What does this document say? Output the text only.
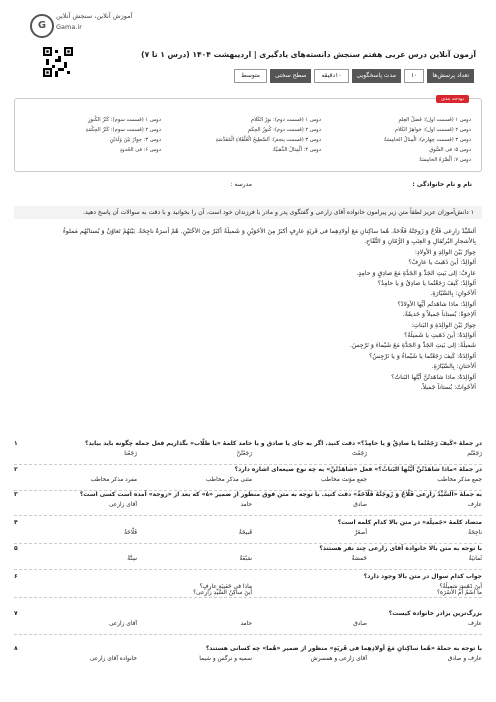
G
آموزش آنلاین، سنجش آنلاین
Gama.ir
آزمون آنلاین درس عربی هفتم سنجش دانسته‌های یادگیری | اردیبهشت ۱۴۰۴ (درس ۱ تا ۷)
تعداد پرسش‌ها
۱۰
مدت پاسخگویی
۱۰دقیقه
سطح سختی
متوسط
بودجه بندی
دوس ۱ (قسمت اول): فَضلُ العِلمِ
دوس ۲ (قسمت اول): جَواهِرُ الکَلامِ
دوس ۳ (قسمت چهارم): الْمِثالُ الخامِسَةُ
دوس ۵: فی السُّوقِ
دوس ۷: اَلْصَّرَةُ الخامِسَةُ
دوس ۱ (قسمت دوم): نورُ الکَلامِ
دوس ۲ (قسمت دوم): کُنوزُ الحِکَمِ
دوس ۳ (قسمت پنجم): اَلسَّطِیحُ الْعُلْقُلاءِ الْمُقَدَّسَةِ
دوس ۴: اَلْمِثالُ الذَّهبیَّةُ
دوس ۱ (قسمت سوم): کَنْزُ الکُنوزِ
دوس ۲ (قسمت سوم): کَنْزُ الحِکْمَةِ
دوس ۳: حِوارٌ بَیْنَ وَلَدَیْنِ
دوس ۶: فی الحُدودِ
نام و نام خانوادگی :
مدرسه :
۱ دانش‌آموزان عزیز لطفاً متن زیر پیرامون خانواده آقای زارعی و گفتگوی پدر و مادر با فرزندان خود است. آن را بخوانید و با دقت به سوالات آن پاسخ دهید.

اَلسَّیِّدُ زارِعی فَلّاحٌ وَ زَوجَتُهُ فَلّاحَةٌ. هُما ساکِنانِ مَعَ أولادِهِما فی قَریَةٍ عارِفٍ أکبَرُ مِنَ الأخَوَیْنِ وَ شَمیلَةُ أکبَرُ مِنَ الأُخْتَیْنِ. هُمْ أُسرَةٌ ناجِحَةٌ. بَیْنَهُمْ تَعاوُنٌ وَ بُستانُهُم مَملوءٌ

بِالأشجارِ البُرتُقالِ وَ العِنَبِ وَ الرُّمّانِ وَ التُّفّاحِ.

حِوارٌ بَیْنَ الوالِدِ وَ الأولادِ:

اَلوالِدُ: أینَ ذَهَبتَ یا عارِفُ؟

عارِفٌ: إلی بَیتِ الجَدِّ وَ الجَدَّةِ مَعَ صادِقٍ وَ حامِدٍ.

اَلوالِدُ: کَیفَ رَجَعْتُما یا صادِقُ وَ یا حامِدُ؟

اَلأخَوانِ: بِالسَّیّارَةِ.

اَلوالِدُ: ماذا شاهَدتُم أیُّها الأولادُ؟

اَلإخوَةُ: بُستاناً جَمیلاً وَ حَدیقَةً.

حِوارٌ بَیْنَ الوالِدَةِ وَ البَناتِ:

اَلوالِدَةُ: أینَ ذَهَبتِ یا شَمیلَةُ؟

شَمیلَةُ: إلی بَیتِ الجَدِّ وَ الجَدَّةِ مَعَ شَیْماءَ وَ نَرْجِسَ.

اَلوالِدَةُ: کَیفَ رَجَعْتُما یا شَیْماءُ وَ یا نَرْجِسُ؟

اَلأُختانِ: بِالسَّیّارَةِ.

اَلوالِدَةُ: ماذا شاهَدتُنَّ أیَّتُها البَناتُ؟

اَلأَخَواتُ: بُستاناً جَمیلاً.

در جملهٔ «کَیفَ رَجَعْتُما یا صادِقُ وَ یا حامِدُ؟» دقت کنید. اگر به جای یا صادق و یا حامد کلمهٔ «یا طلّاب» بگذاریم فعل جمله چگونه باید بیاید؟
۱
رَجَعْتُم
رَجَعْتَ
رَجَعْتُنَّ
رَجَعْنا
در جملهٔ «ماذا شاهَدْتُنَّ أیَّتُها البَناتُ؟» فعل «شاهَدْتُنَّ» به چه نوع صیغه‌ای اشاره دارد؟
۲
جمع مذکر مخاطب
جمع مؤنث مخاطب
مثنی مذکر مخاطب
مفرد مذکر مخاطب
به جملهٔ «اَلسَّیِّدُ زارِعی فَلّاحٌ وَ زَوجَتُهُ فَلّاحَةٌ» دقت کنید. با توجه به متن فوق منظور از ضمیر «هُ» که بعد از «زوجة» آمده است کسی است؟
۳
عارف
صادق
حامد
آقای زارعی
متضاد کلمهٔ «جَمیلَة» در متن بالا کدام کلمه است؟
۴
ناجِحَةٌ
أصغَرُ
قَبیحَةٌ
فَلّاحَةٌ
با توجه به متن بالا خانواده آقای زارعی چند نفر هستند؟
۵
ثَمانیَةٌ
خَمسَةٌ
سَبْعَةٌ
سِتَّةٌ
جواب کدام سوال در متن بالا وجود دارد؟
۶
أینَ ذَهَبتِ سَمیلَةُ؟
ماذا فی حَقیبَةِ عارِفٍ؟
ما اسْمُ أُمِّ الأُسْرَةِ؟
أینَ ساکِنُ السَّیِّدِ زارِعی؟
بزرگ‌ترین برادر خانواده کیست؟
۷
عارف
صادق
حامد
آقای زارعی
با توجه به جملهٔ «هُما ساکِنانِ مَعَ أولادِهِما فی قَریَةٍ» منظور از ضمیر «هُما» چه کسانی هستند؟
۸
عارف و صادق
آقای زارعی و همسرش
سمیه و نرگس و شیما
خانواده آقای زارعی
